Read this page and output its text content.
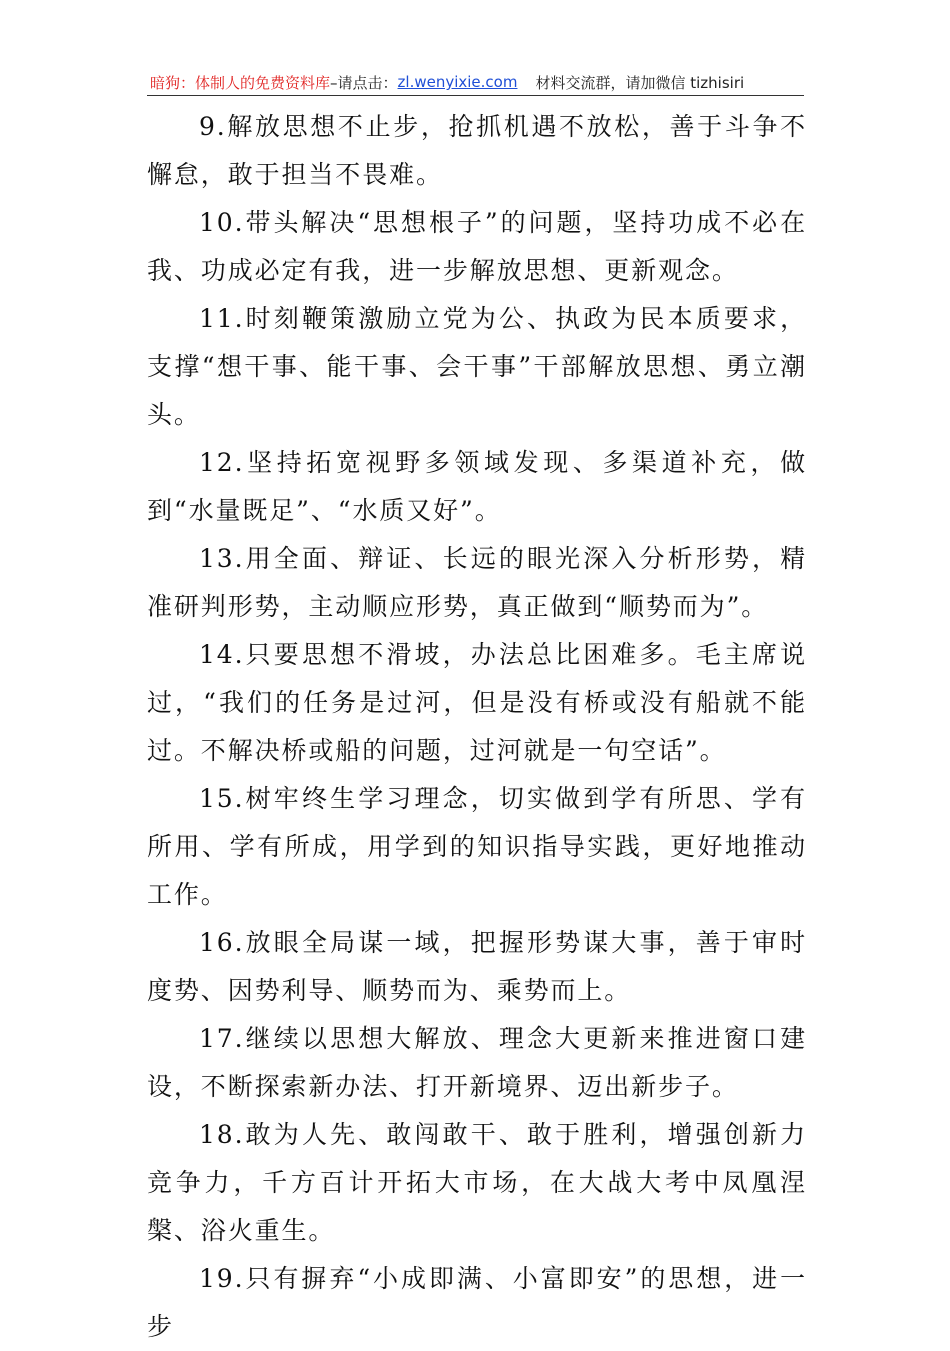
暗狗：体制人的免费资料库 –请点击： zl.wenyixie.com 材料交流群，请加微信 tizhisiri

9.解放思想不止步，抢抓机遇不放松，善于斗争不懈怠，敢于担当不畏难。

10.带头解决“思想根子”的问题，坚持功成不必在我、功成必定有我，进一步解放思想、更新观念。

11.时刻鞭策激励立党为公、执政为民本质要求，支撑“想干事、能干事、会干事”干部解放思想、勇立潮头。

12.坚持拓宽视野多领域发现、多渠道补充，做到“水量既足”、“水质又好”。

13.用全面、辩证、长远的眼光深入分析形势，精准研判形势，主动顺应形势，真正做到“顺势而为”。

14.只要思想不滑坡，办法总比困难多。毛主席说过，“我们的任务是过河，但是没有桥或没有船就不能过。不解决桥或船的问题，过河就是一句空话”。

15.树牢终生学习理念，切实做到学有所思、学有所用、学有所成，用学到的知识指导实践，更好地推动工作。

16.放眼全局谋一域，把握形势谋大事，善于审时度势、因势利导、顺势而为、乘势而上。

17.继续以思想大解放、理念大更新来推进窗口建设，不断探索新办法、打开新境界、迈出新步子。

18.敢为人先、敢闯敢干、敢于胜利，增强创新力竞争力，千方百计开拓大市场，在大战大考中凤凰涅槃、浴火重生。

19.只有摒弃“小成即满、小富即安”的思想，进一步
